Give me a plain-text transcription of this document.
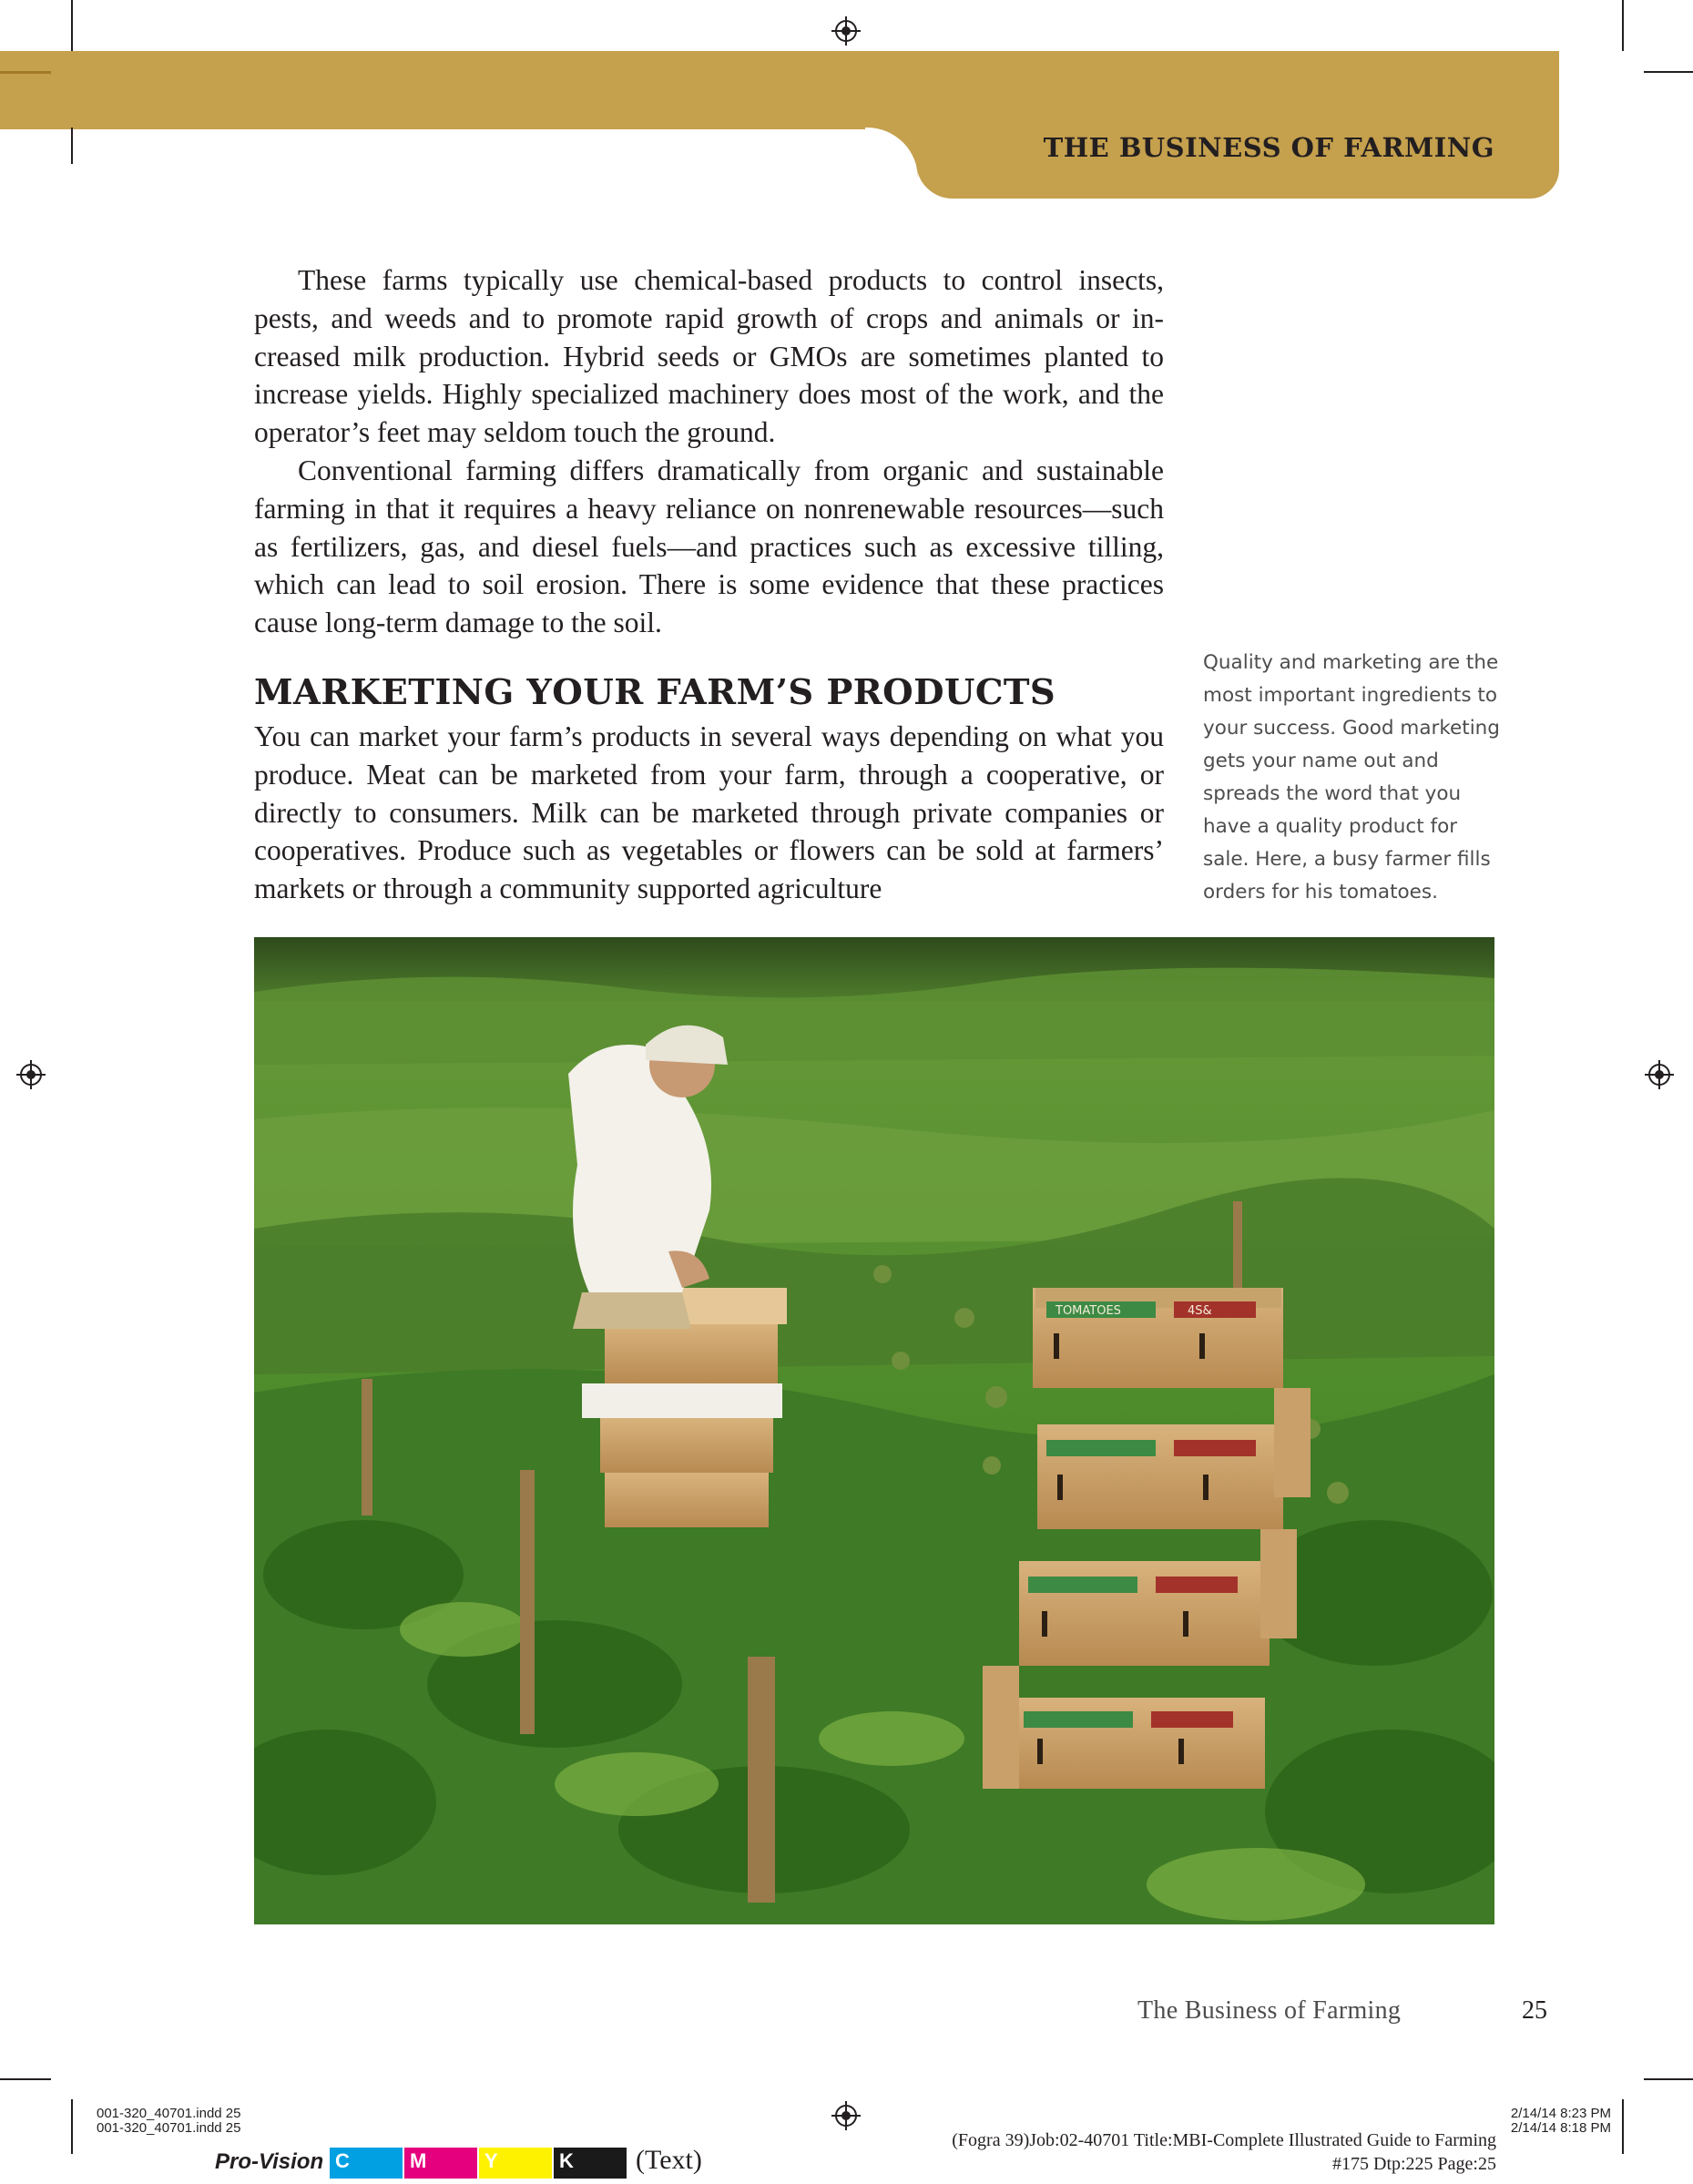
THE BUSINESS OF FARMING

These farms typically use chemical-based products to control insects, pests, and weeds and to promote rapid growth of crops and animals or increased milk production. Hybrid seeds or GMOs are sometimes planted to increase yields. Highly specialized machinery does most of the work, and the operator’s feet may seldom touch the ground.

Conventional farming differs dramatically from organic and sustainable farming in that it requires a heavy reliance on nonrenewable resources—such as fertilizers, gas, and diesel fuels—and practices such as excessive tilling, which can lead to soil erosion. There is some evidence that these practices cause long-term damage to the soil.

MARKETING YOUR FARM’S PRODUCTS

You can market your farm’s products in several ways depending on what you produce. Meat can be marketed from your farm, through a cooperative, or directly to consumers. Milk can be marketed through private companies or cooperatives. Produce such as vegetables or flowers can be sold at farmers’ markets or through a community supported agriculture

Quality and marketing are the most important ingredients to your success. Good marketing gets your name out and spreads the word that you have a quality product for sale. Here, a busy farmer fills orders for his tomatoes.

TOMATOES	4S&
The Business of Farming	25
001-320_40701.indd 25
001-320_40701.indd 25
2/14/14 8:23 PM
2/14/14 8:18 PM
(Fogra 39)Job:02-40701 Title:MBI-Complete Illustrated Guide to Farming
#175 Dtp:225 Page:25
Pro-Vision C	M	Y	K	(Text)
